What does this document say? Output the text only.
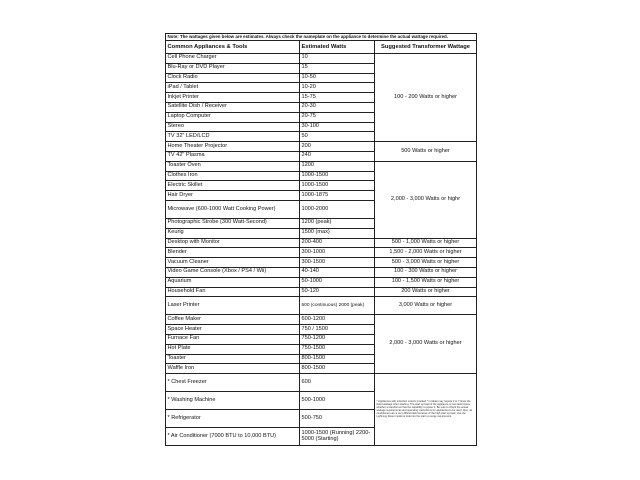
Note: The wattages given below are estimates. Always check the nameplate on the appliance to determine the actual wattage required.		
Common Appliances & Tools	Estimated Watts	Suggested Transformer Wattage
Cell Phone Charger	10	100 - 200 Watts or higher
Blu-Ray or DVD Player	15	
Clock Radio	10-50	
iPad / Tablet	10-20	
Inkjet Printer	15-75	
Satellite Dish / Receiver	20-30	
Laptop Computer	20-75	
Stereo	30-100	
TV 32" LED/LCD	50	
Home Theater Projector	200	500 Watts or higher
TV 42" Plasma	240	
Toaster Oven	1200	2,000 - 3,000 Watts or highr
Clothes Iron	1000-1500	
Electric Skillet	1000-1500	
Hair Dryer	1000-1875	
Microwave (600-1000 Watt Cooking Power)	1000-2000	
Photographic Strobe (300 Watt-Second)	1200 (peak)	
Keurig	1500 (max)	
Desktop with Monitor	200-400	500 - 1,000 Watts or higher
Blender	300-1000	1,500 - 2,000 Watts or higher
Vacuum Cleaner	300-1500	500 - 3,000 Watts or higher
Video Game Console (Xbox / PS4 / Wii)	40-140	100 - 300 Watts or higher
Aquarium	50-1000	100 - 1,500 Watts or higher
Household Fan	50-120	200 Watts or higher
Laser Printer	500 (continuous) 2000 (peak)	3,000 Watts or higher
Coffee Maker	600-1200	2,000 - 3,000 Watts or higher
Space Heater	750 / 1500	
Furnace Fan	750-1200	
Hot Plate	750-1500	
Toaster	800-1500	
Waffle Iron	800-1500	
* Chest Freezer	600	* Appliances with induction motors (marked * in table) may require 3 to 7 times the listed wattage when starting. The start up load of the appliance or tool determines whether a transformer has the capability to power it. Be sure to check the actual wattage requirements and operating instructions for appliances to be used. Also, air conditioners are a very difficult task because of the high start up load. Use the Lightning Reset model or look into the start up surge requirement.
* Washing Machine	500-1000	
* Refrigerator	500-750	
* Air Conditioner (7000 BTU to 10,000 BTU)	1000-1500 (Running) 2200-5000 (Starting)	
